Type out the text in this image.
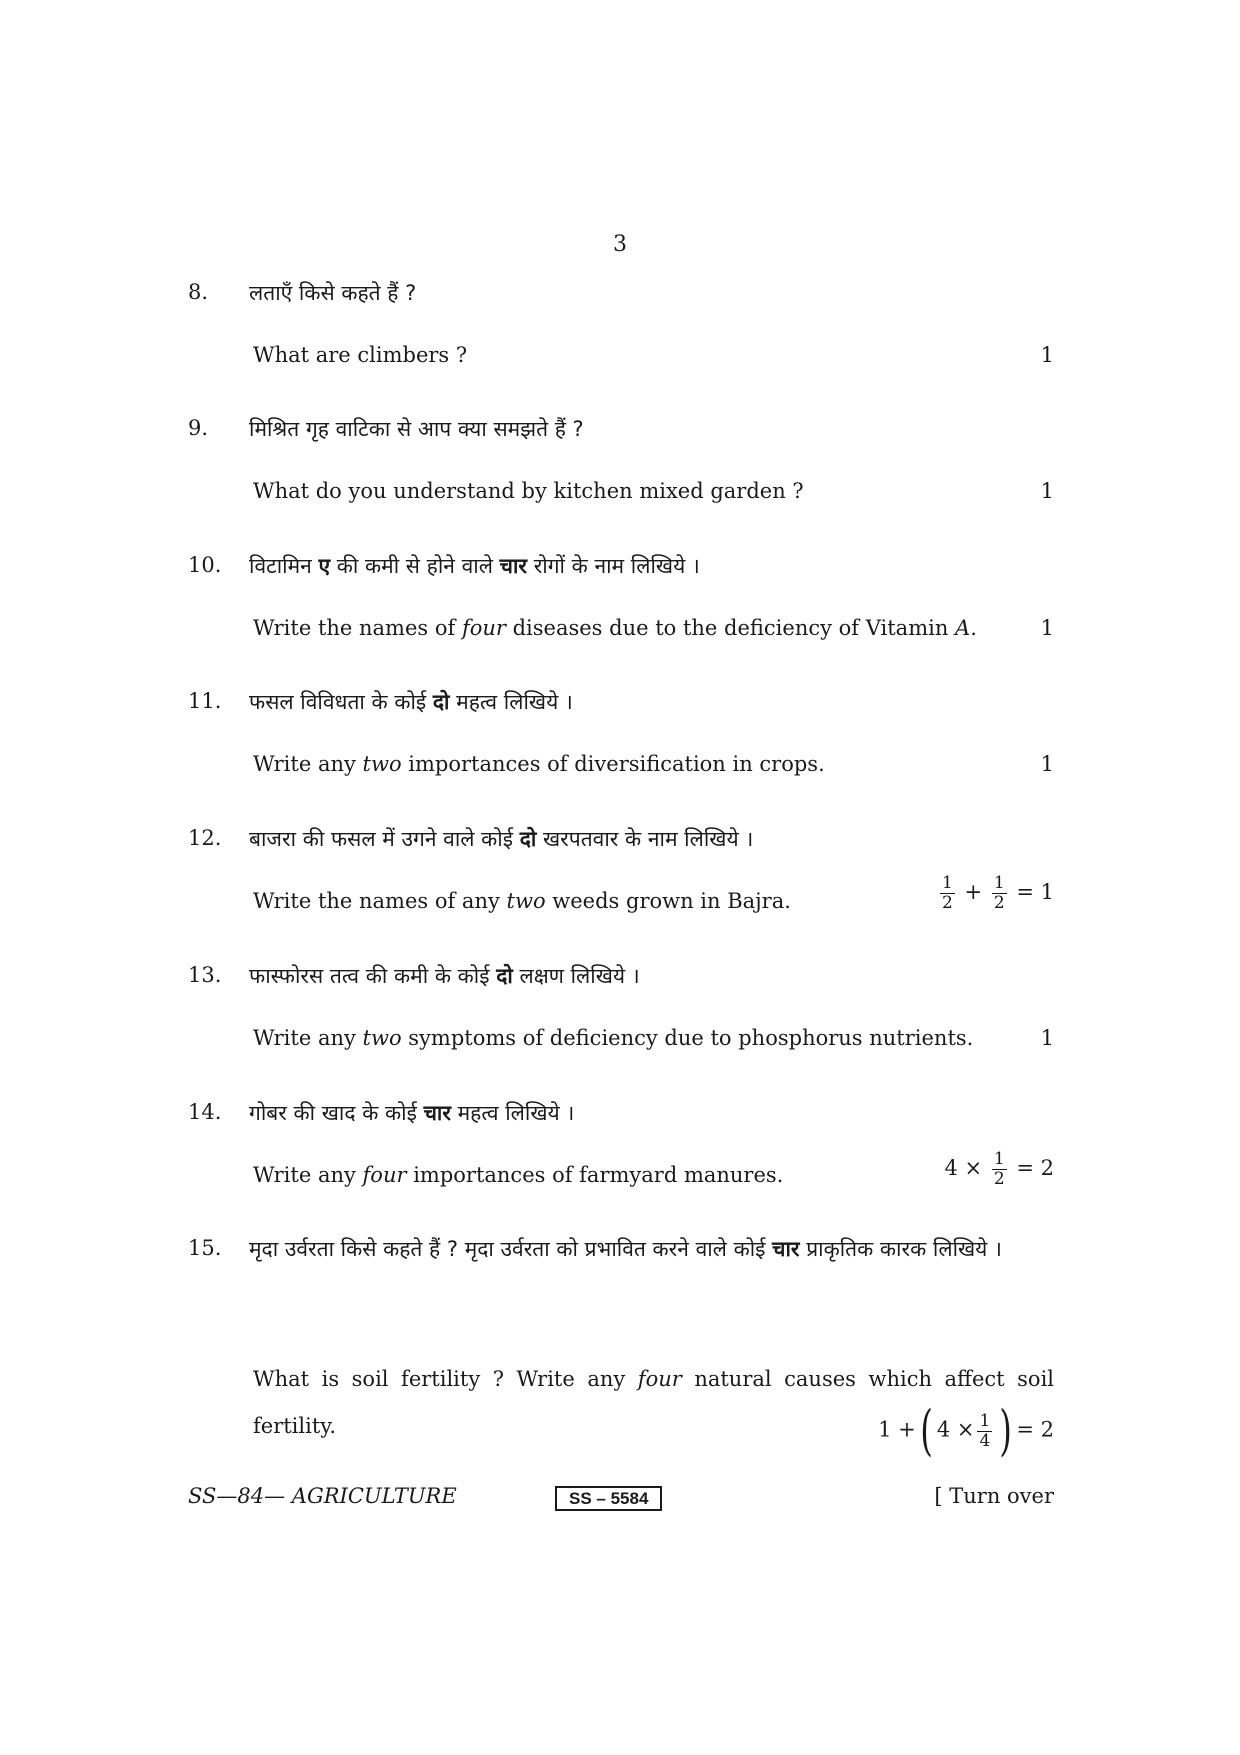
3
8. लताएँ किसे कहते हैं ?
What are climbers ?	1
9. मिश्रित गृह वाटिका से आप क्या समझते हैं ?
What do you understand by kitchen mixed garden ?	1
10. विटामिन ए की कमी से होने वाले चार रोगों के नाम लिखिये ।
Write the names of four diseases due to the deficiency of Vitamin A.	1
11. फसल विविधता के कोई दो महत्व लिखिये ।
Write any two importances of diversification in crops.	1
12. बाजरा की फसल में उगने वाले कोई दो खरपतवार के नाम लिखिये ।
Write the names of any two weeds grown in Bajra.	$\frac{1}{2} + \frac{1}{2} = 1$
13. फास्फोरस तत्व की कमी के कोई दो लक्षण लिखिये ।
Write any two symptoms of deficiency due to phosphorus nutrients.	1
14. गोबर की खाद के कोई चार महत्व लिखिये ।
Write any four importances of farmyard manures.	$4 \times \frac{1}{2} = 2$
15. मृदा उर्वरता किसे कहते हैं ? मृदा उर्वरता को प्रभावित करने वाले कोई चार प्राकृतिक कारक लिखिये ।
What is soil fertility ? Write any four natural causes which affect soil fertility.	1 +( $4 \times \frac{1}{4}$ ) = 2
SS—84— AGRICULTURE	SS – 5584	[ Turn over
